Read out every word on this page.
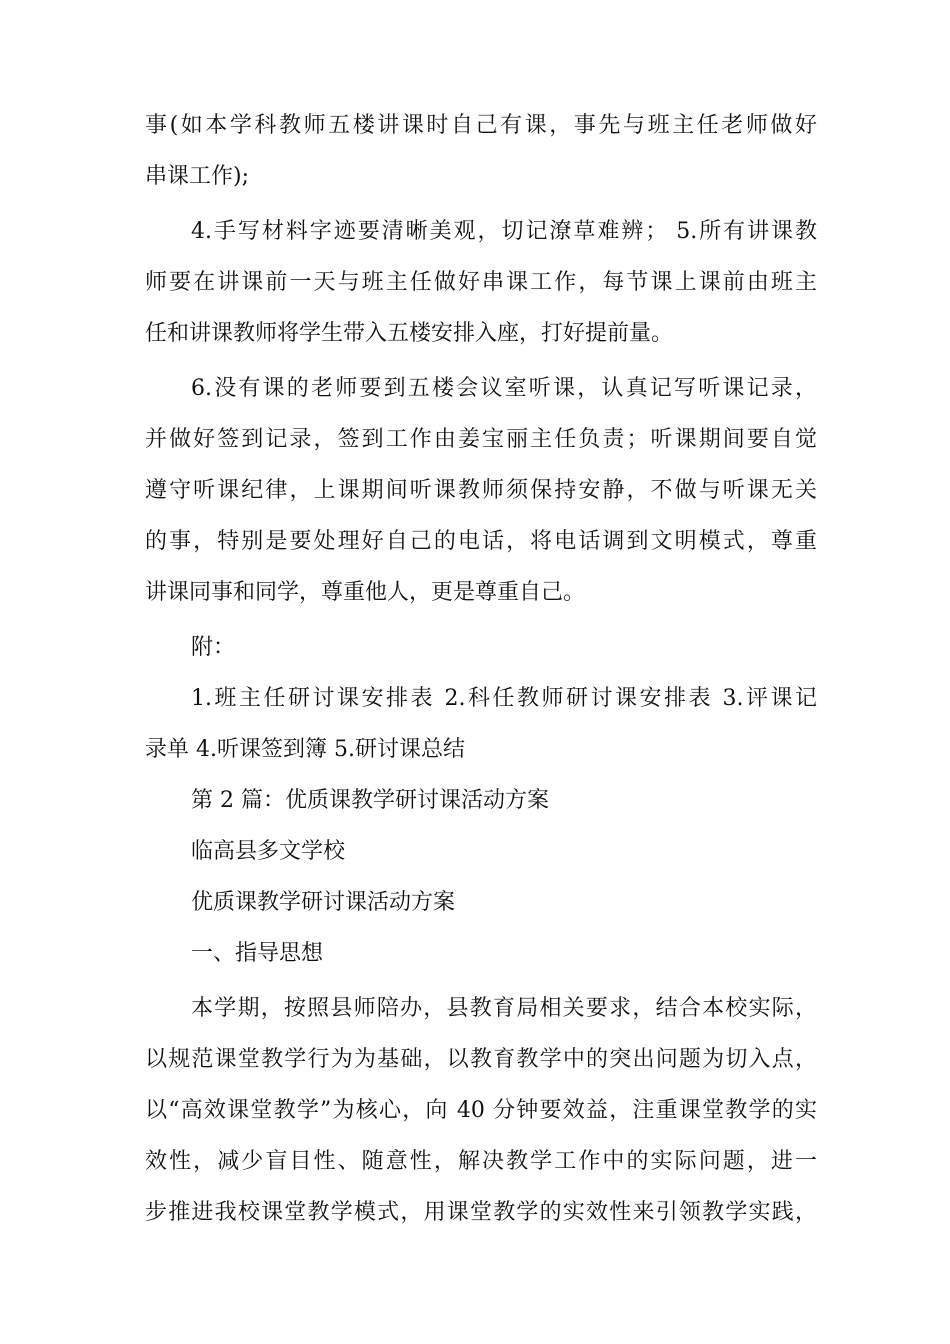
事(如本学科教师五楼讲课时自己有课，事先与班主任老师做好
串课工作);
4.手写材料字迹要清晰美观，切记潦草难辨； 5.所有讲课教
师要在讲课前一天与班主任做好串课工作，每节课上课前由班主
任和讲课教师将学生带入五楼安排入座，打好提前量。
6.没有课的老师要到五楼会议室听课，认真记写听课记录，
并做好签到记录，签到工作由姜宝丽主任负责；听课期间要自觉
遵守听课纪律，上课期间听课教师须保持安静，不做与听课无关
的事，特别是要处理好自己的电话，将电话调到文明模式，尊重
讲课同事和同学，尊重他人，更是尊重自己。
附：
1.班主任研讨课安排表 2.科任教师研讨课安排表 3.评课记
录单 4.听课签到簿 5.研讨课总结
第 2 篇：优质课教学研讨课活动方案
临高县多文学校
优质课教学研讨课活动方案
一、指导思想
本学期，按照县师陪办，县教育局相关要求，结合本校实际，
以规范课堂教学行为为基础，以教育教学中的突出问题为切入点，
以“高效课堂教学”为核心，向 40 分钟要效益，注重课堂教学的实
效性，减少盲目性、随意性，解决教学工作中的实际问题，进一
步推进我校课堂教学模式，用课堂教学的实效性来引领教学实践，
